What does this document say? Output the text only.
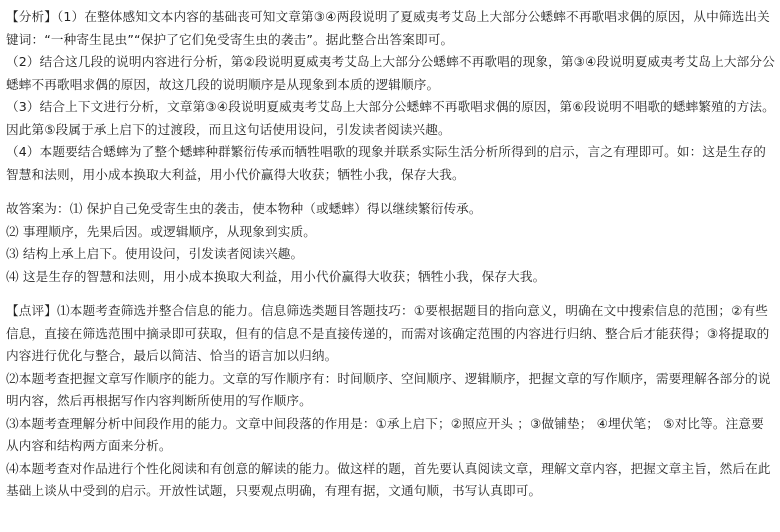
【分析】（1）在整体感知文本内容的基础丧可知文章第③④两段说明了夏威夷考艾岛上大部分公蟋蟀不再歌唱求偶的原因，从中筛选出关键词：“一种寄生昆虫”“保护了它们免受寄生虫的袭击”。据此整合出答案即可。

（2）结合这几段的说明内容进行分析，第②段说明夏威夷考艾岛上大部分公蟋蟀不再歌唱的现象，第③④段说明夏威夷考艾岛上大部分公蟋蟀不再歌唱求偶的原因，故这几段的说明顺序是从现象到本质的逻辑顺序。

（3）结合上下文进行分析，文章第③④段说明夏威夷考艾岛上大部分公蟋蟀不再歌唱求偶的原因，第⑥段说明不唱歌的蟋蟀繁殖的方法。因此第⑤段属于承上启下的过渡段，而且这句话使用设问，引发读者阅读兴趣。

（4）本题要结合蟋蟀为了整个蟋蟀种群繁衍传承而牺牲唱歌的现象并联系实际生活分析所得到的启示，言之有理即可。如：这是生存的智慧和法则，用小成本换取大利益，用小代价赢得大收获；牺牲小我，保存大我。

故答案为：⑴ 保护自己免受寄生虫的袭击，使本物种（或蟋蟀）得以继续繁衍传承。

⑵ 事理顺序，先果后因。或逻辑顺序，从现象到实质。

⑶ 结构上承上启下。使用设问，引发读者阅读兴趣。

⑷ 这是生存的智慧和法则，用小成本换取大利益，用小代价赢得大收获；牺牲小我，保存大我。

【点评】⑴本题考查筛选并整合信息的能力。信息筛选类题目答题技巧：①要根据题目的指向意义，明确在文中搜索信息的范围；②有些信息，直接在筛选范围中摘录即可获取，但有的信息不是直接传递的，而需对该确定范围的内容进行归纳、整合后才能获得；③将提取的内容进行优化与整合，最后以简洁、恰当的语言加以归纳。

⑵本题考查把握文章写作顺序的能力。文章的写作顺序有：时间顺序、空间顺序、逻辑顺序，把握文章的写作顺序，需要理解各部分的说明内容，然后再根据写作内容判断所使用的写作顺序。

⑶本题考查理解分析中间段作用的能力。文章中间段落的作用是：①承上启下；②照应开头 ；③做铺垫； ④埋伏笔； ⑤对比等。注意要从内容和结构两方面来分析。

⑷本题考查对作品进行个性化阅读和有创意的解读的能力。做这样的题，首先要认真阅读文章，理解文章内容，把握文章主旨，然后在此基础上谈从中受到的启示。开放性试题，只要观点明确，有理有据，文通句顺，书写认真即可。
